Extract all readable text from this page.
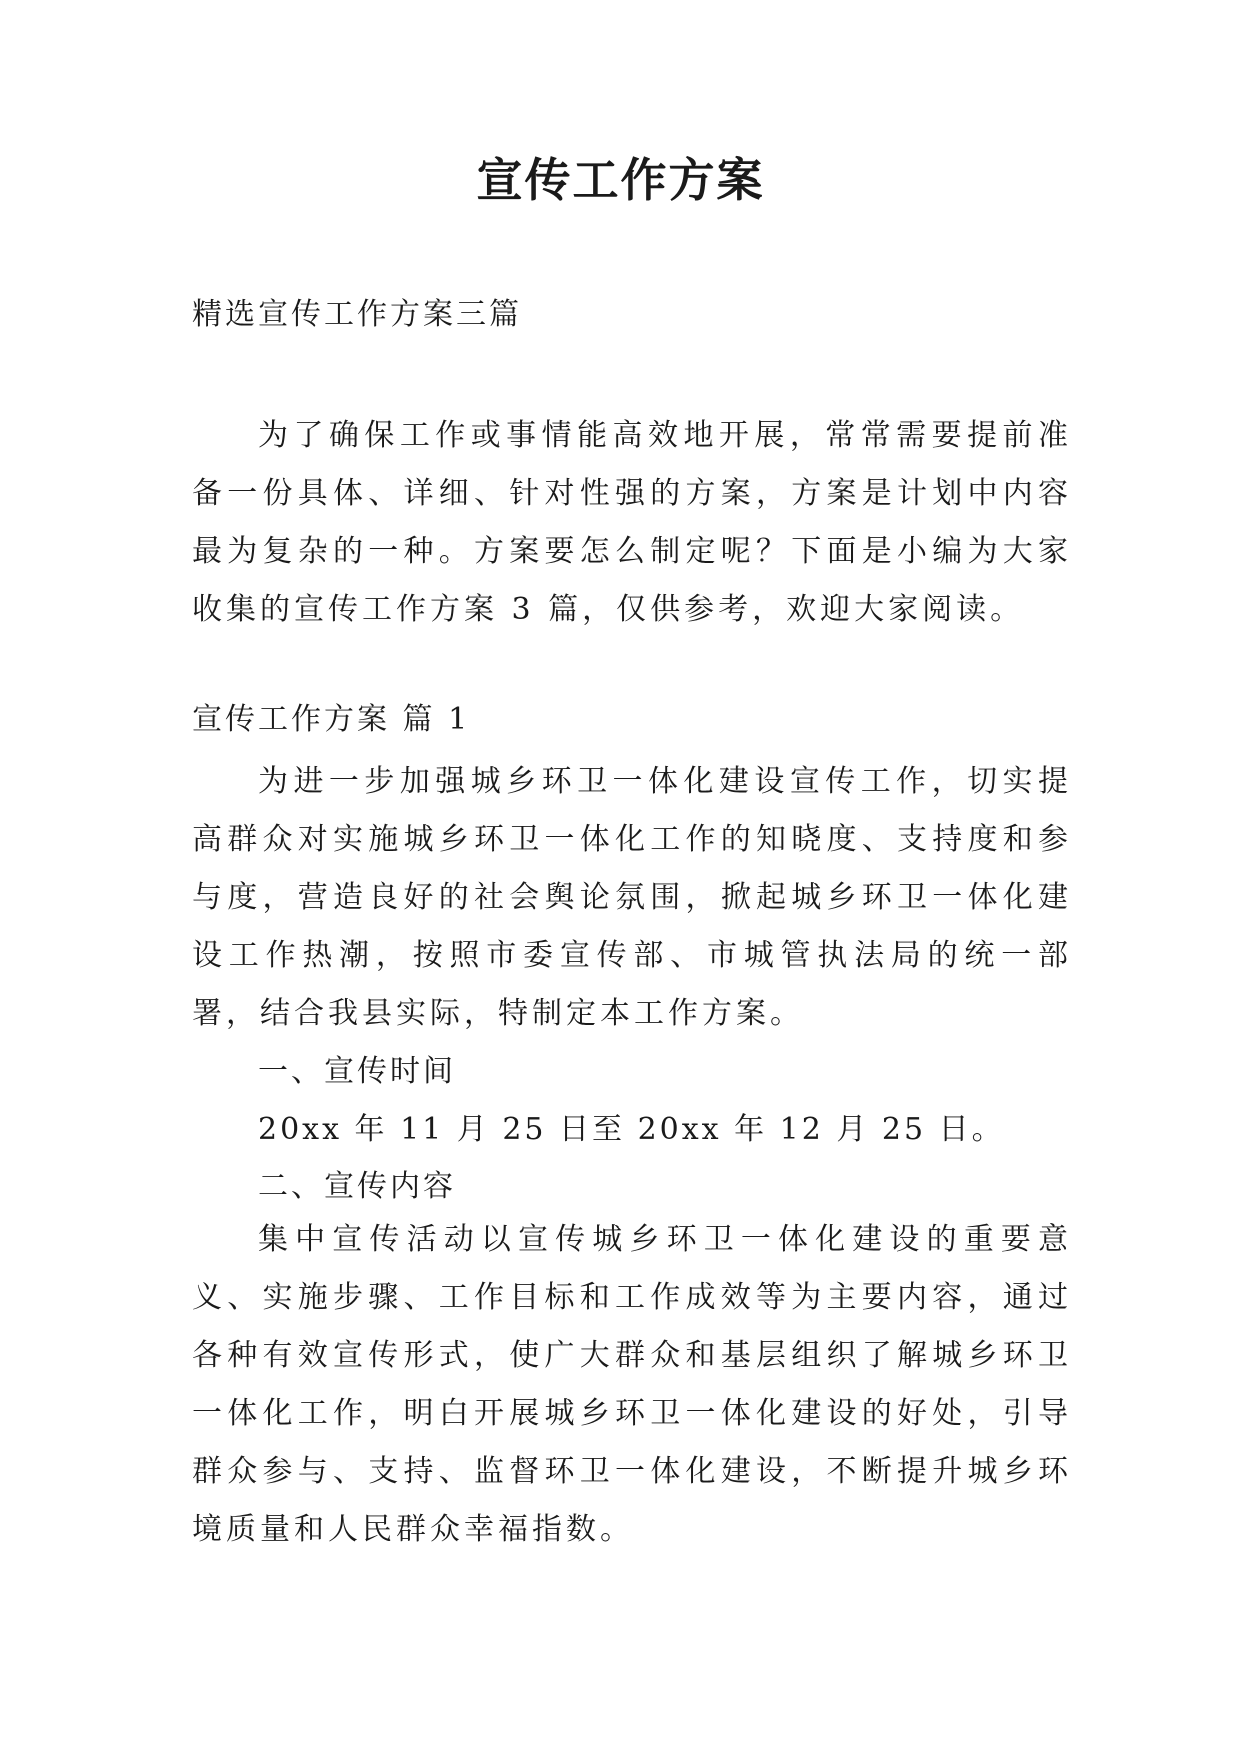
宣传工作方案

精选宣传工作方案三篇

为了确保工作或事情能高效地开展，常常需要提前准备一份具体、详细、针对性强的方案，方案是计划中内容最为复杂的一种。方案要怎么制定呢？下面是小编为大家收集的宣传工作方案 3 篇，仅供参考，欢迎大家阅读。

宣传工作方案 篇 1

为进一步加强城乡环卫一体化建设宣传工作，切实提高群众对实施城乡环卫一体化工作的知晓度、支持度和参与度，营造良好的社会舆论氛围，掀起城乡环卫一体化建设工作热潮，按照市委宣传部、市城管执法局的统一部署，结合我县实际，特制定本工作方案。

一、宣传时间

20xx 年 11 月 25 日至 20xx 年 12 月 25 日。

二、宣传内容

集中宣传活动以宣传城乡环卫一体化建设的重要意义、实施步骤、工作目标和工作成效等为主要内容，通过各种有效宣传形式，使广大群众和基层组织了解城乡环卫一体化工作，明白开展城乡环卫一体化建设的好处，引导群众参与、支持、监督环卫一体化建设，不断提升城乡环境质量和人民群众幸福指数。
